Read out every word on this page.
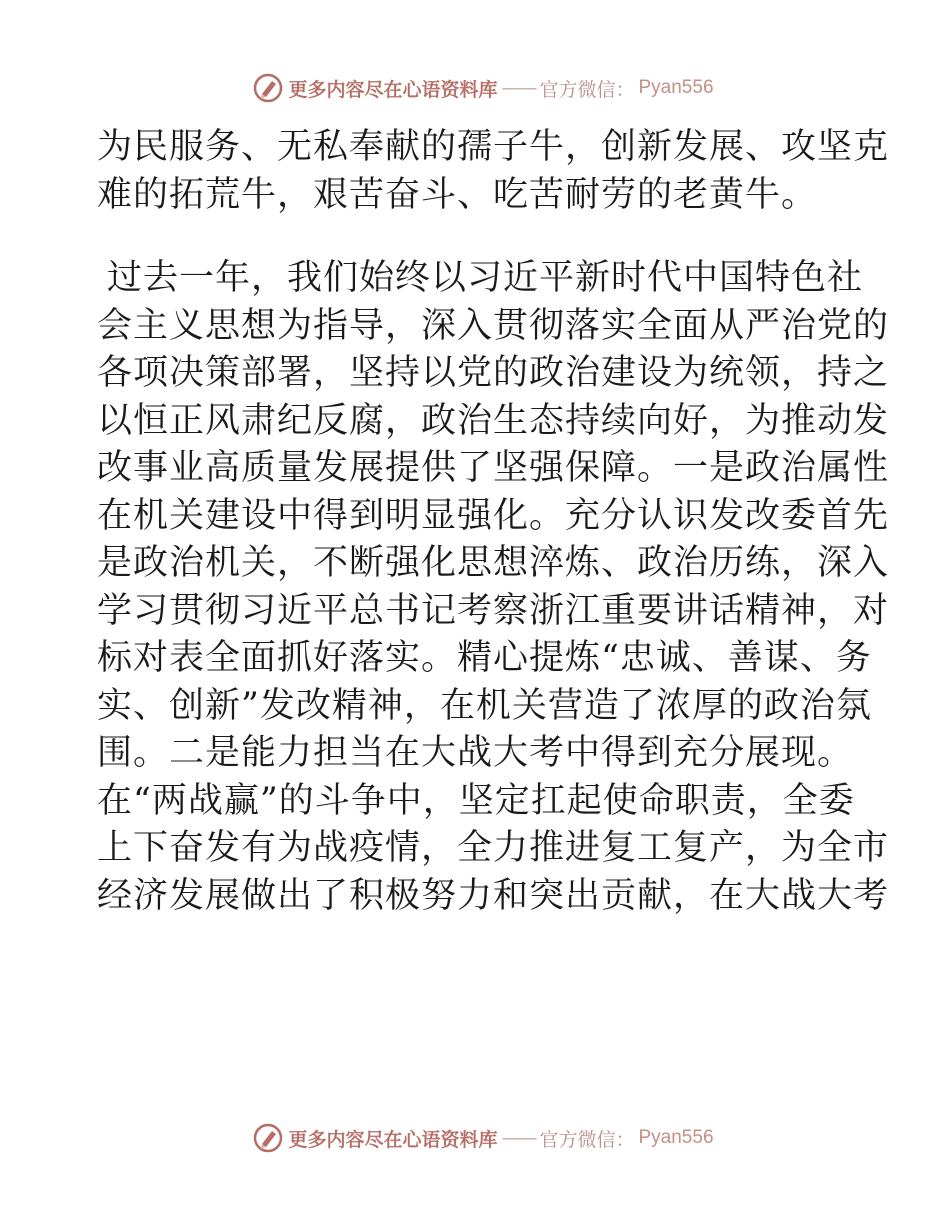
更多内容尽在心语资料库 —— 官方微信： Pyan556
为民服务、无私奉献的孺子牛，创新发展、攻坚克
难的拓荒牛，艰苦奋斗、吃苦耐劳的老黄牛。
过去一年，我们始终以习近平新时代中国特色社
会主义思想为指导，深入贯彻落实全面从严治党的
各项决策部署，坚持以党的政治建设为统领，持之
以恒正风肃纪反腐，政治生态持续向好，为推动发
改事业高质量发展提供了坚强保障。一是政治属性
在机关建设中得到明显强化。充分认识发改委首先
是政治机关，不断强化思想淬炼、政治历练，深入
学习贯彻习近平总书记考察浙江重要讲话精神，对
标对表全面抓好落实。精心提炼“忠诚、善谋、务
实、创新”发改精神，在机关营造了浓厚的政治氛
围。二是能力担当在大战大考中得到充分展现。
在“两战赢”的斗争中，坚定扛起使命职责，全委
上下奋发有为战疫情，全力推进复工复产，为全市
经济发展做出了积极努力和突出贡献，在大战大考
更多内容尽在心语资料库 —— 官方微信： Pyan556
